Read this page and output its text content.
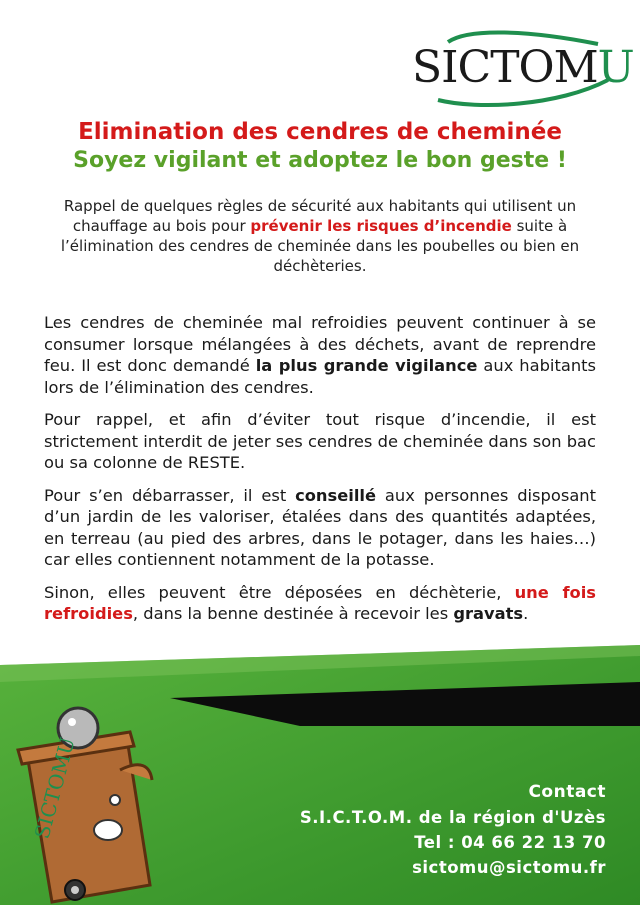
SICTOMU
Elimination des cendres de cheminée
Soyez vigilant et adoptez le bon geste !
Rappel de quelques règles de sécurité aux habitants qui utilisent un chauffage au bois pour prévenir les risques d’incendie suite à l’élimination des cendres de cheminée dans les poubelles ou bien en déchèteries.

Les cendres de cheminée mal refroidies peuvent continuer à se consumer lorsque mélangées à des déchets, avant de reprendre feu. Il est donc demandé la plus grande vigilance aux habitants lors de l’élimination des cendres.

Pour rappel, et afin d’éviter tout risque d’incendie, il est strictement interdit de jeter ses cendres de cheminée dans son bac ou sa colonne de RESTE.

Pour s’en débarrasser, il est conseillé aux personnes disposant d’un jardin de les valoriser, étalées dans des quantités adaptées, en terreau (au pied des arbres, dans le potager, dans les haies…) car elles contiennent notamment de la potasse.

Sinon, elles peuvent être déposées en déchèterie, une fois refroidies, dans la benne destinée à recevoir les gravats.

SICTOMU	Contact
S.I.C.T.O.M. de la région d'Uzès
Tel : 04 66 22 13 70
sictomu@sictomu.fr
